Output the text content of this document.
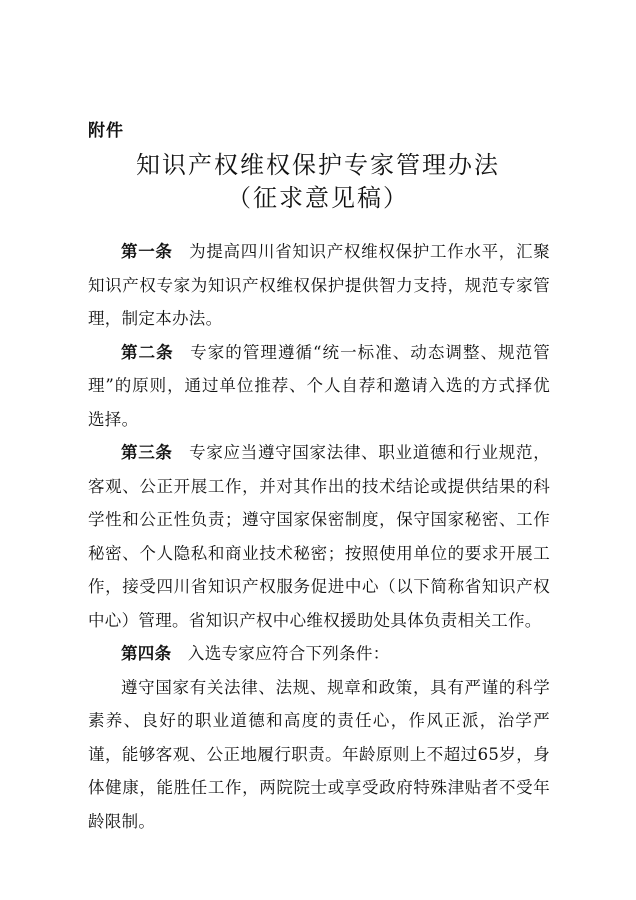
附件
知识产权维权保护专家管理办法
（征求意见稿）

第一条 为提高四川省知识产权维权保护工作水平，汇聚知识产权专家为知识产权维权保护提供智力支持，规范专家管理，制定本办法。

第二条 专家的管理遵循“统一标准、动态调整、规范管理”的原则，通过单位推荐、个人自荐和邀请入选的方式择优选择。

第三条 专家应当遵守国家法律、职业道德和行业规范，客观、公正开展工作，并对其作出的技术结论或提供结果的科学性和公正性负责；遵守国家保密制度，保守国家秘密、工作秘密、个人隐私和商业技术秘密；按照使用单位的要求开展工作，接受四川省知识产权服务促进中心（以下简称省知识产权中心）管理。省知识产权中心维权援助处具体负责相关工作。

第四条 入选专家应符合下列条件：

遵守国家有关法律、法规、规章和政策，具有严谨的科学素养、良好的职业道德和高度的责任心，作风正派，治学严谨，能够客观、公正地履行职责。年龄原则上不超过65岁，身体健康，能胜任工作，两院院士或享受政府特殊津贴者不受年龄限制。
